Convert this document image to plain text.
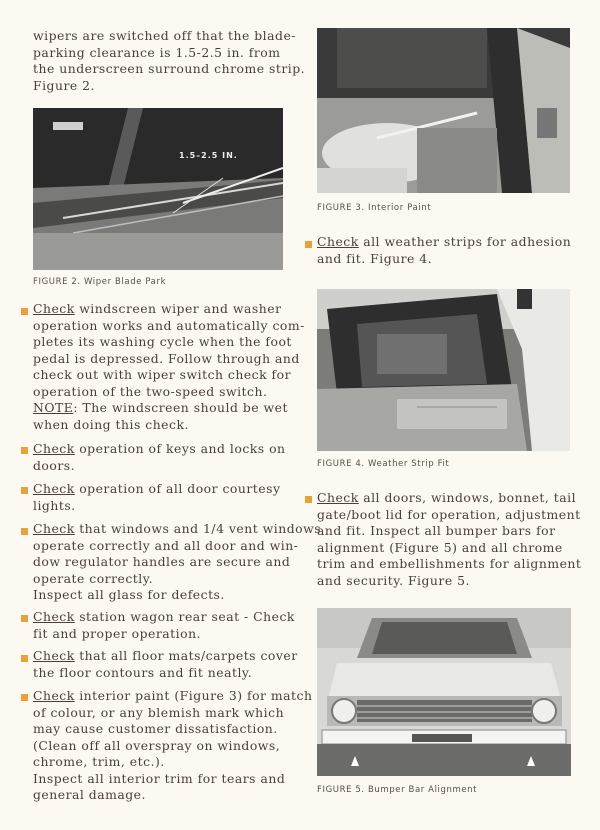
wipers are switched off that the blade-
parking clearance is 1.5-2.5 in. from
the underscreen surround chrome strip.
Figure 2.
1.5–2.5 IN.
FIGURE 2. Wiper Blade Park
Check windscreen wiper and washer
operation works and automatically com-
pletes its washing cycle when the foot
pedal is depressed. Follow through and
check out with wiper switch check for
operation of the two-speed switch.
NOTE: The windscreen should be wet
when doing this check.
Check operation of keys and locks on
doors.
Check operation of all door courtesy
lights.
Check that windows and 1/4 vent windows
operate correctly and all door and win-
dow regulator handles are secure and
operate correctly.
Inspect all glass for defects.
Check station wagon rear seat - Check
fit and proper operation.
Check that all floor mats/carpets cover
the floor contours and fit neatly.
Check interior paint (Figure 3) for match
of colour, or any blemish mark which
may cause customer dissatisfaction.
(Clean off all overspray on windows,
chrome, trim, etc.).
Inspect all interior trim for tears and
general damage.
FIGURE 3. Interior Paint
Check all weather strips for adhesion
and fit. Figure 4.
FIGURE 4. Weather Strip Fit
Check all doors, windows, bonnet, tail
gate/boot lid for operation, adjustment
and fit. Inspect all bumper bars for
alignment (Figure 5) and all chrome
trim and embellishments for alignment
and security. Figure 5.
FIGURE 5. Bumper Bar Alignment
